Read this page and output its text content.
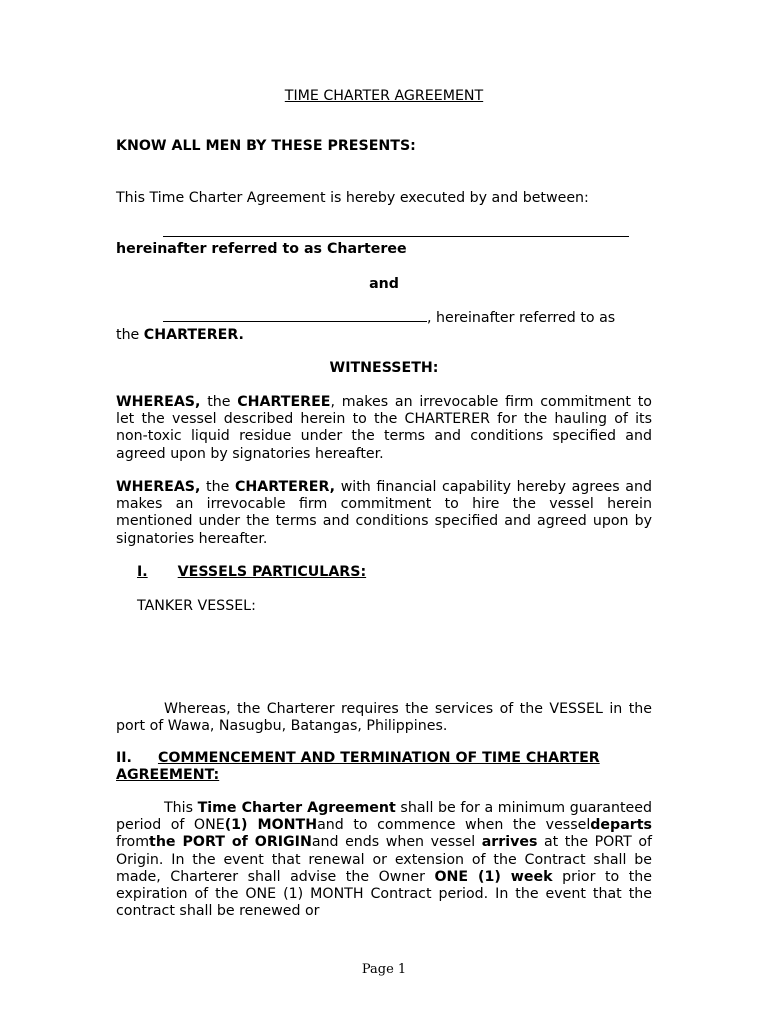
TIME CHARTER AGREEMENT

KNOW ALL MEN BY THESE PRESENTS:

This Time Charter Agreement is hereby executed by and between:

hereinafter referred to as Charteree

and

, hereinafter referred to as
the CHARTERER.

WITNESSETH:

WHEREAS, the CHARTEREE, makes an irrevocable firm commitment to let the vessel described herein to the CHARTERER for the hauling of its non-toxic liquid residue under the terms and conditions specified and agreed upon by signatories hereafter.

WHEREAS, the CHARTERER, with financial capability hereby agrees and makes an irrevocable firm commitment to hire the vessel herein mentioned under the terms and conditions specified and agreed upon by signatories hereafter.

I. VESSELS PARTICULARS:

TANKER VESSEL:

Whereas, the Charterer requires the services of the VESSEL in the port of Wawa, Nasugbu, Batangas, Philippines.

II. COMMENCEMENT AND TERMINATION OF TIME CHARTER AGREEMENT:

This Time Charter Agreement shall be for a minimum guaranteed period of ONE(1) MONTHand to commence when the vesseldeparts fromthe PORT of ORIGINand ends when vessel arrives at the PORT of Origin. In the event that renewal or extension of the Contract shall be made, Charterer shall advise the Owner ONE (1) week prior to the expiration of the ONE (1) MONTH Contract period. In the event that the contract shall be renewed or

Page 1
